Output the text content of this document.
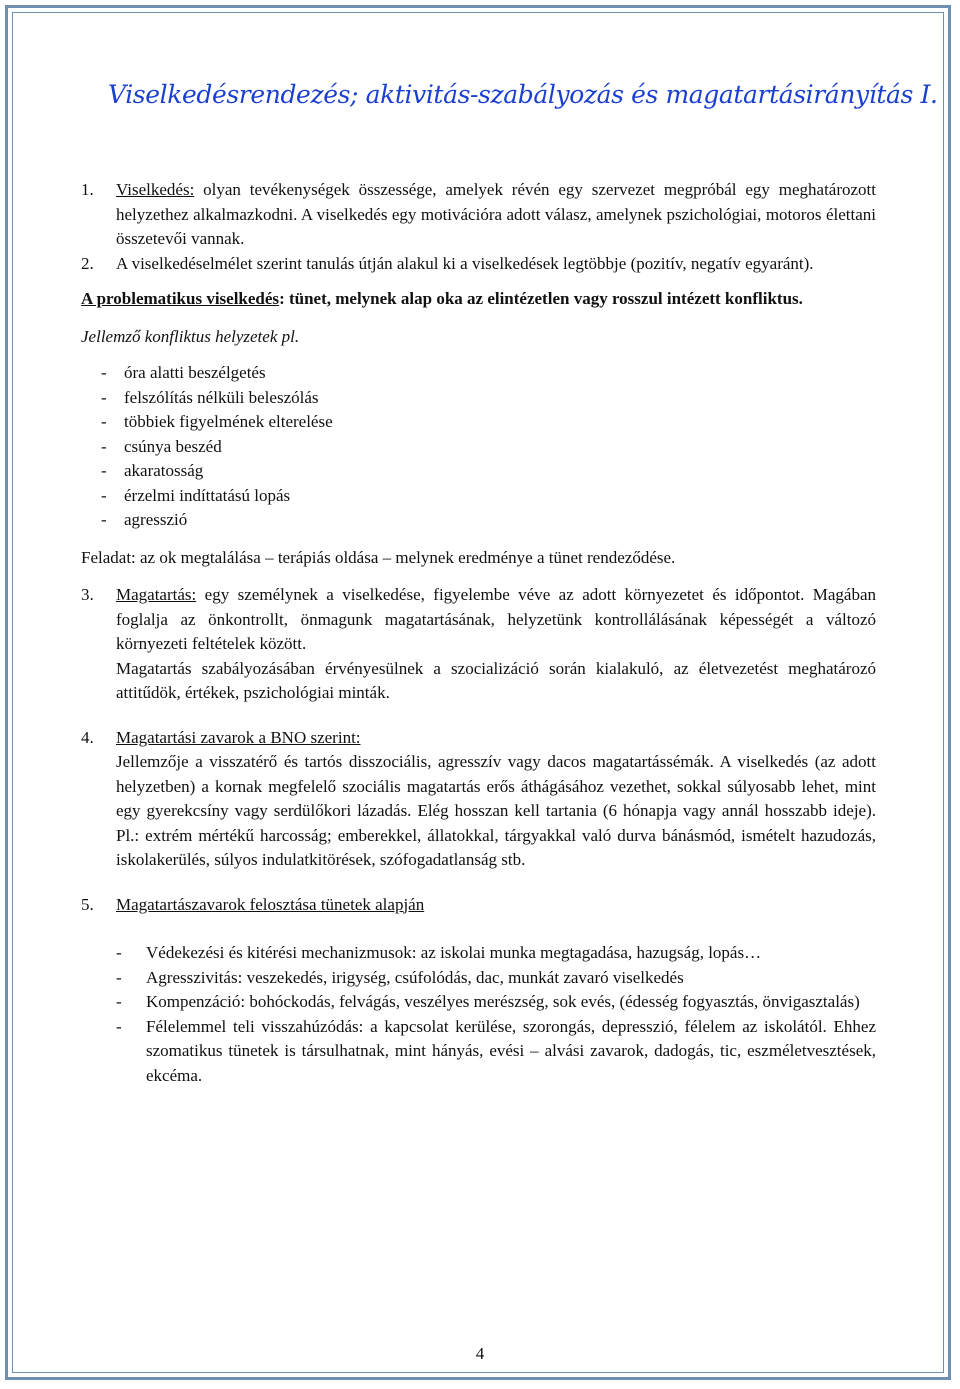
Viselkedésrendezés; aktivitás-szabályozás és magatartásirányítás I.
1.	Viselkedés: olyan tevékenységek összessége, amelyek révén egy szervezet megpróbál egy meghatározott helyzethez alkalmazkodni. A viselkedés egy motivációra adott válasz, amelynek pszichológiai, motoros élettani összetevői vannak.
2.	A viselkedéselmélet szerint tanulás útján alakul ki a viselkedések legtöbbje (pozitív, negatív egyaránt).
A problematikus viselkedés: tünet, melynek alap oka az elintézetlen vagy rosszul intézett konfliktus.
Jellemző konfliktus helyzetek pl.
-	óra alatti beszélgetés
-	felszólítás nélküli beleszólás
-	többiek figyelmének elterelése
-	csúnya beszéd
-	akaratosság
-	érzelmi indíttatású lopás
-	agresszió
Feladat: az ok megtalálása – terápiás oldása – melynek eredménye a tünet rendeződése.
3.	Magatartás: egy személynek a viselkedése, figyelembe véve az adott környezetet és időpontot. Magában foglalja az önkontrollt, önmagunk magatartásának, helyzetünk kontrollálásának képességét a változó környezeti feltételek között.

Magatartás szabályozásában érvényesülnek a szocializáció során kialakuló, az életvezetést meghatározó attitűdök, értékek, pszichológiai minták.

4.	Magatartási zavarok a BNO szerint:

Jellemzője a visszatérő és tartós disszociális, agresszív vagy dacos magatartássémák. A viselkedés (az adott helyzetben) a kornak megfelelő szociális magatartás erős áthágásához vezethet, sokkal súlyosabb lehet, mint egy gyerekcsíny vagy serdülőkori lázadás. Elég hosszan kell tartania (6 hónapja vagy annál hosszabb ideje). Pl.: extrém mértékű harcosság; emberekkel, állatokkal, tárgyakkal való durva bánásmód, ismételt hazudozás, iskolakerülés, súlyos indulatkitörések, szófogadatlanság stb.

5.	Magatartászavarok felosztása tünetek alapján
-	Védekezési és kitérési mechanizmusok: az iskolai munka megtagadása, hazugság, lopás…
-	Agresszivitás: veszekedés, irigység, csúfolódás, dac, munkát zavaró viselkedés
-	Kompenzáció: bohóckodás, felvágás, veszélyes merészség, sok evés, (édesség fogyasztás, önvigasztalás)
-	Félelemmel teli visszahúzódás: a kapcsolat kerülése, szorongás, depresszió, félelem az iskolától. Ehhez szomatikus tünetek is társulhatnak, mint hányás, evési – alvási zavarok, dadogás, tic, eszméletvesztések, ekcéma.
4
